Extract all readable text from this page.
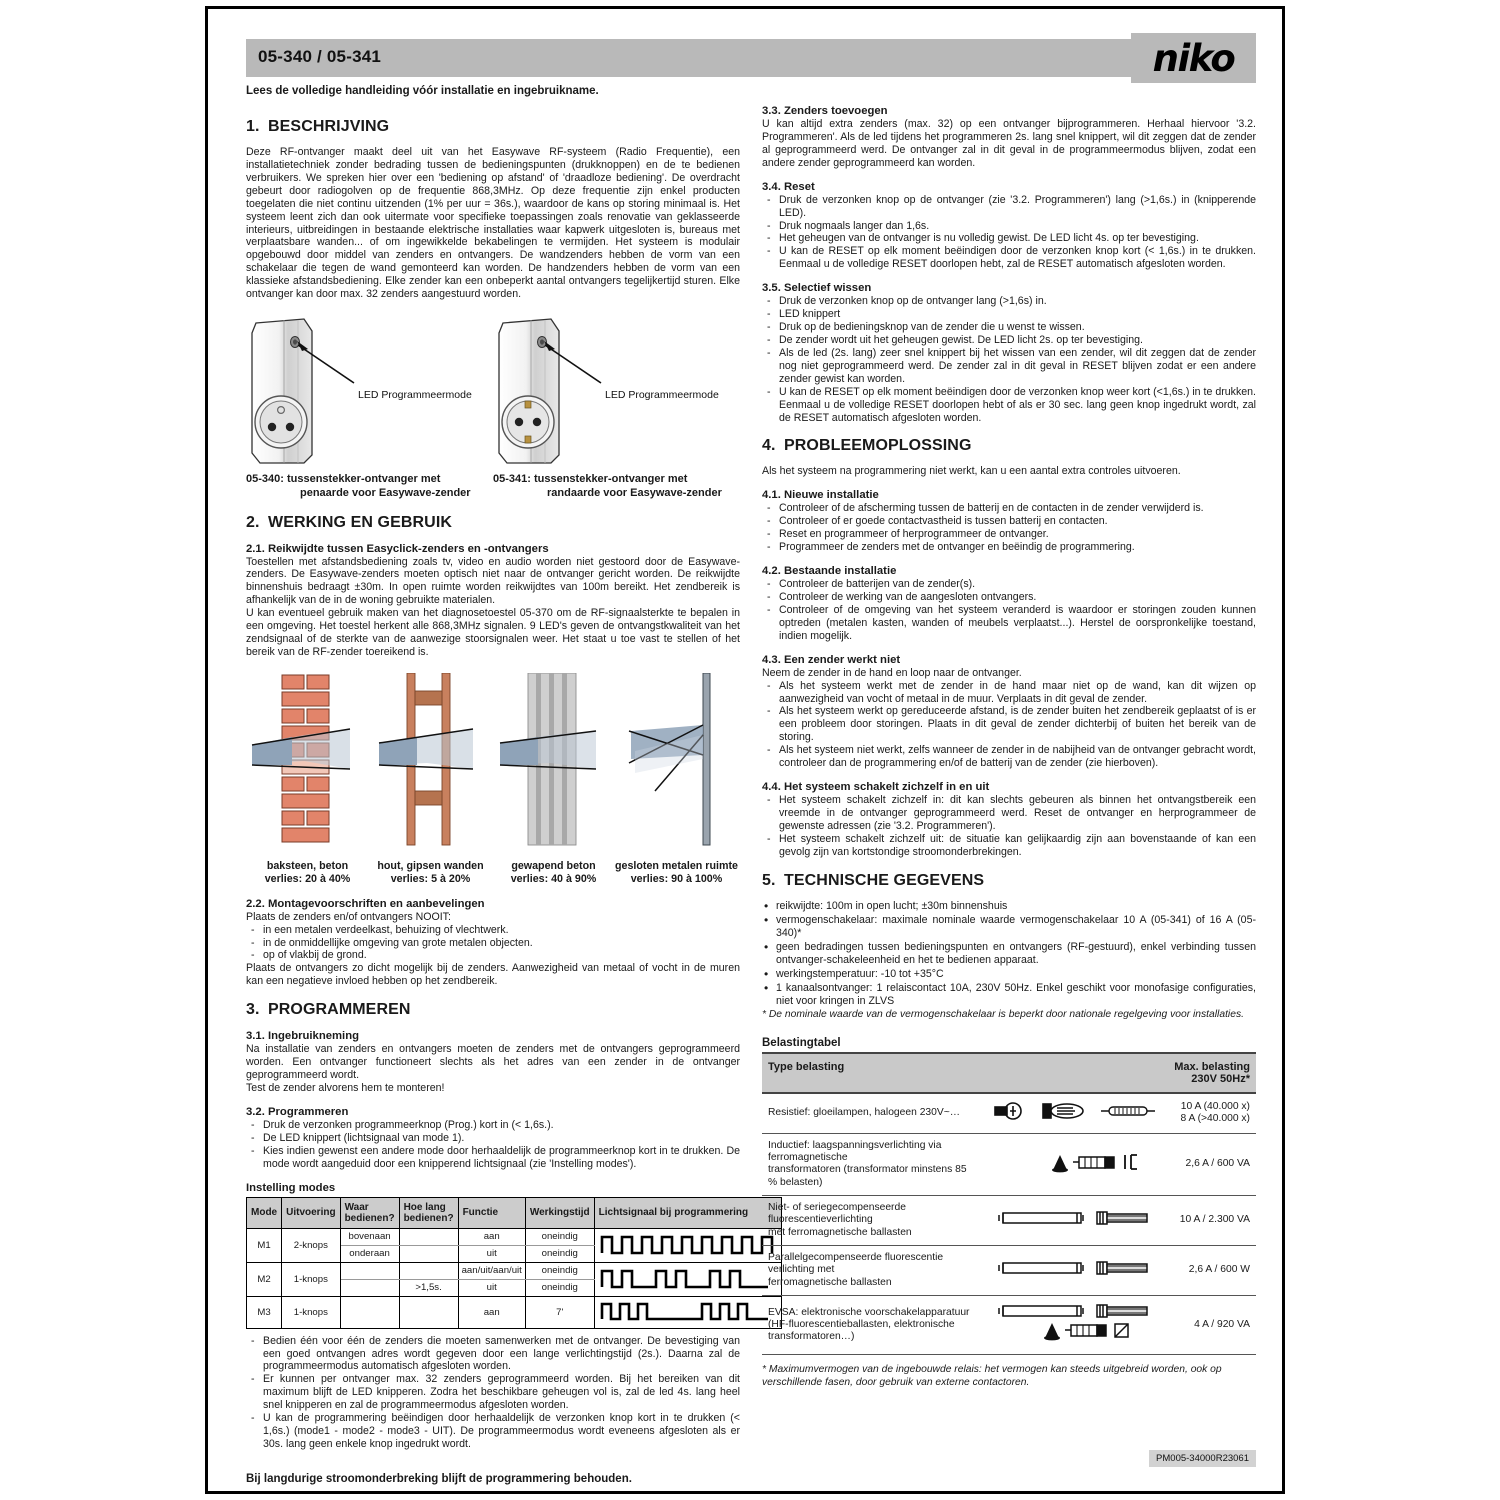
05-340 / 05-341	niko

Lees de volledige handleiding vóór installatie en ingebruikname.

1. BESCHRIJVING

Deze RF-ontvanger maakt deel uit van het Easywave RF-systeem (Radio Frequentie), een installatietechniek zonder bedrading tussen de bedieningspunten (drukknoppen) en de te bedienen verbruikers. We spreken hier over een 'bediening op afstand' of 'draadloze bediening'. De overdracht gebeurt door radiogolven op de frequentie 868,3MHz. Op deze frequentie zijn enkel producten toegelaten die niet continu uitzenden (1% per uur = 36s.), waardoor de kans op storing minimaal is. Het systeem leent zich dan ook uitermate voor specifieke toepassingen zoals renovatie van geklasseerde interieurs, uitbreidingen in bestaande elektrische installaties waar kapwerk uitgesloten is, bureaus met verplaatsbare wanden... of om ingewikkelde bekabelingen te vermijden. Het systeem is modulair opgebouwd door middel van zenders en ontvangers. De wandzenders hebben de vorm van een schakelaar die tegen de wand gemonteerd kan worden. De handzenders hebben de vorm van een klassieke afstandsbediening. Elke zender kan een onbeperkt aantal ontvangers tegelijkertijd sturen. Elke ontvanger kan door max. 32 zenders aangestuurd worden.

LED Programmeermode
05-340: tussenstekker-ontvanger met
penaarde voor Easywave-zender
LED Programmeermode
05-341: tussenstekker-ontvanger met
randaarde voor Easywave-zender
2. WERKING EN GEBRUIK
2.1. Reikwijdte tussen Easyclick-zenders en -ontvangers

Toestellen met afstandsbediening zoals tv, video en audio worden niet gestoord door de Easywave-zenders. De Easywave-zenders moeten optisch niet naar de ontvanger gericht worden. De reikwijdte binnenshuis bedraagt ±30m. In open ruimte worden reikwijdtes van 100m bereikt. Het zendbereik is afhankelijk van de in de woning gebruikte materialen.

U kan eventueel gebruik maken van het diagnosetoestel 05-370 om de RF-signaalsterkte te bepalen in een omgeving. Het toestel herkent alle 868,3MHz signalen. 9 LED's geven de ontvangstkwaliteit van het zendsignaal of de sterkte van de aanwezige stoorsignalen weer. Het staat u toe vast te stellen of het bereik van de RF-zender toereikend is.

baksteen, beton
verlies: 20 à 40%
hout, gipsen wanden
verlies: 5 à 20%
gewapend beton
verlies: 40 à 90%
gesloten metalen ruimte
verlies: 90 à 100%
2.2. Montagevoorschriften en aanbevelingen

Plaats de zenders en/of ontvangers NOOIT:

- in een metalen verdeelkast, behuizing of vlechtwerk.
- in de onmiddellijke omgeving van grote metalen objecten.
- op of vlakbij de grond.

Plaats de ontvangers zo dicht mogelijk bij de zenders. Aanwezigheid van metaal of vocht in de muren kan een negatieve invloed hebben op het zendbereik.

3. PROGRAMMEREN
3.1. Ingebruikneming

Na installatie van zenders en ontvangers moeten de zenders met de ontvangers geprogrammeerd worden. Een ontvanger functioneert slechts als het adres van een zender in de ontvanger geprogrammeerd wordt.

Test de zender alvorens hem te monteren!

3.2. Programmeren
- Druk de verzonken programmeerknop (Prog.) kort in (< 1,6s.).
- De LED knippert (lichtsignaal van mode 1).
- Kies indien gewenst een andere mode door herhaaldelijk de programmeerknop kort in te drukken. De mode wordt aangeduid door een knipperend lichtsignaal (zie 'Instelling modes').
Instelling modes
Mode	Uitvoering	Waar bedienen?	Hoe lang bedienen?	Functie	Werkingstijd	Lichtsignaal bij programmering
M1	2-knops	bovenaan		aan	oneindig	
		onderaan		uit	oneindig	
M2	1-knops			aan/uit/aan/uit	oneindig	
			>1,5s.	uit	oneindig	
M3	1-knops			aan	7'	
- Bedien één voor één de zenders die moeten samenwerken met de ontvanger. De bevestiging van een goed ontvangen adres wordt gegeven door een lange verlichtingstijd (2s.). Daarna zal de programmeermodus automatisch afgesloten worden.
- Er kunnen per ontvanger max. 32 zenders geprogrammeerd worden. Bij het bereiken van dit maximum blijft de LED knipperen. Zodra het beschikbare geheugen vol is, zal de led 4s. lang heel snel knipperen en zal de programmeermodus afgesloten worden.
- U kan de programmering beëindigen door herhaaldelijk de verzonken knop kort in te drukken (< 1,6s.) (mode1 - mode2 - mode3 - UIT). De programmeermodus wordt eveneens afgesloten als er 30s. lang geen enkele knop ingedrukt wordt.

Bij langdurige stroomonderbreking blijft de programmering behouden.

3.3. Zenders toevoegen

U kan altijd extra zenders (max. 32) op een ontvanger bijprogrammeren. Herhaal hiervoor '3.2. Programmeren'. Als de led tijdens het programmeren 2s. lang snel knippert, wil dit zeggen dat de zender al geprogrammeerd werd. De ontvanger zal in dit geval in de programmeermodus blijven, zodat een andere zender geprogrammeerd kan worden.

3.4. Reset
- Druk de verzonken knop op de ontvanger (zie '3.2. Programmeren') lang (>1,6s.) in (knipperende LED).
- Druk nogmaals langer dan 1,6s.
- Het geheugen van de ontvanger is nu volledig gewist. De LED licht 4s. op ter bevestiging.
- U kan de RESET op elk moment beëindigen door de verzonken knop kort (< 1,6s.) in te drukken. Eenmaal u de volledige RESET doorlopen hebt, zal de RESET automatisch afgesloten worden.
3.5. Selectief wissen
- Druk de verzonken knop op de ontvanger lang (>1,6s) in.
- LED knippert
- Druk op de bedieningsknop van de zender die u wenst te wissen.
- De zender wordt uit het geheugen gewist. De LED licht 2s. op ter bevestiging.
- Als de led (2s. lang) zeer snel knippert bij het wissen van een zender, wil dit zeggen dat de zender nog niet geprogrammeerd werd. De zender zal in dit geval in RESET blijven zodat er een andere zender gewist kan worden.
- U kan de RESET op elk moment beëindigen door de verzonken knop weer kort (<1,6s.) in te drukken. Eenmaal u de volledige RESET doorlopen hebt of als er 30 sec. lang geen knop ingedrukt wordt, zal de RESET automatisch afgesloten worden.
4. PROBLEEMOPLOSSING

Als het systeem na programmering niet werkt, kan u een aantal extra controles uitvoeren.

4.1. Nieuwe installatie
- Controleer of de afscherming tussen de batterij en de contacten in de zender verwijderd is.
- Controleer of er goede contactvastheid is tussen batterij en contacten.
- Reset en programmeer of herprogrammeer de ontvanger.
- Programmeer de zenders met de ontvanger en beëindig de programmering.
4.2. Bestaande installatie
- Controleer de batterijen van de zender(s).
- Controleer de werking van de aangesloten ontvangers.
- Controleer of de omgeving van het systeem veranderd is waardoor er storingen zouden kunnen optreden (metalen kasten, wanden of meubels verplaatst...). Herstel de oorspronkelijke toestand, indien mogelijk.
4.3. Een zender werkt niet

Neem de zender in de hand en loop naar de ontvanger.

- Als het systeem werkt met de zender in de hand maar niet op de wand, kan dit wijzen op aanwezigheid van vocht of metaal in de muur. Verplaats in dit geval de zender.
- Als het systeem werkt op gereduceerde afstand, is de zender buiten het zendbereik geplaatst of is er een probleem door storingen. Plaats in dit geval de zender dichterbij of buiten het bereik van de storing.
- Als het systeem niet werkt, zelfs wanneer de zender in de nabijheid van de ontvanger gebracht wordt, controleer dan de programmering en/of de batterij van de zender (zie hierboven).
4.4. Het systeem schakelt zichzelf in en uit
- Het systeem schakelt zichzelf in: dit kan slechts gebeuren als binnen het ontvangstbereik een vreemde in de ontvanger geprogrammeerd werd. Reset de ontvanger en herprogrammeer de gewenste adressen (zie '3.2. Programmeren').
- Het systeem schakelt zichzelf uit: de situatie kan gelijkaardig zijn aan bovenstaande of kan een gevolg zijn van kortstondige stroomonderbrekingen.
5. TECHNISCHE GEGEVENS
• reikwijdte: 100m in open lucht; ±30m binnenshuis
• vermogenschakelaar: maximale nominale waarde vermogenschakelaar 10 A (05-341) of 16 A (05-340)*
• geen bedradingen tussen bedieningspunten en ontvangers (RF-gestuurd), enkel verbinding tussen ontvanger-schakeleenheid en het te bedienen apparaat.
• werkingstemperatuur: -10 tot +35°C
• 1 kanaalsontvanger: 1 relaiscontact 10A, 230V 50Hz. Enkel geschikt voor monofasige configuraties, niet voor kringen in ZLVS

* De nominale waarde van de vermogenschakelaar is beperkt door nationale regelgeving voor installaties.

Belastingtabel
Type belasting		Max. belasting
230V 50Hz*
Resistief: gloeilampen, halogeen 230V~…		10 A (40.000 x)
8 A (>40.000 x)
Inductief: laagspanningsverlichting via ferromagnetische
transformatoren (transformator minstens 85 % belasten)		2,6 A / 600 VA
Niet- of seriegecompenseerde fluorescentieverlichting
met ferromagnetische ballasten		10 A / 2.300 VA
Parallelgecompenseerde fluorescentie verlichting met
ferromagnetische ballasten		2,6 A / 600 W
EVSA: elektronische voorschakelapparatuur
(HF-fluorescentieballasten, elektronische transformatoren…)		4 A / 920 VA

* Maximumvermogen van de ingebouwde relais: het vermogen kan steeds uitgebreid worden, ook op verschillende fasen, door gebruik van externe contactoren.

PM005-34000R23061
